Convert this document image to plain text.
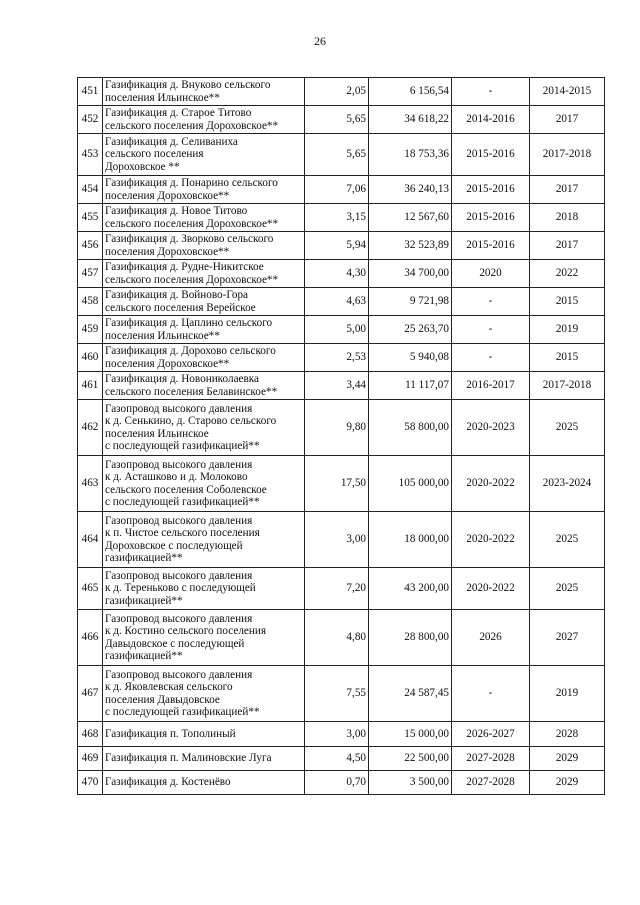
26
451	Газификация д. Внуково сельского
поселения Ильинское**	2,05	6 156,54	-	2014-2015
452	Газификация д. Старое Титово
сельского поселения Дороховское**	5,65	34 618,22	2014-2016	2017
453	Газификация д. Селиваниха
сельского поселения
Дороховское **	5,65	18 753,36	2015-2016	2017-2018
454	Газификация д. Понарино сельского
поселения Дороховское**	7,06	36 240,13	2015-2016	2017
455	Газификация д. Новое Титово
сельского поселения Дороховское**	3,15	12 567,60	2015-2016	2018
456	Газификация д. Зворково сельского
поселения Дороховское**	5,94	32 523,89	2015-2016	2017
457	Газификация д. Рудне-Никитское
сельского поселения Дороховское**	4,30	34 700,00	2020	2022
458	Газификация д. Войново-Гора
сельского поселения Верейское	4,63	9 721,98	-	2015
459	Газификация д. Цаплино сельского
поселения Ильинское**	5,00	25 263,70	-	2019
460	Газификация д. Дорохово сельского
поселения Дороховское**	2,53	5 940,08	-	2015
461	Газификация д. Новониколаевка
сельского поселения Белавинское**	3,44	11 117,07	2016-2017	2017-2018
462	Газопровод высокого давления
к д. Сенькино, д. Старово сельского
поселения Ильинское
с последующей газификацией**	9,80	58 800,00	2020-2023	2025
463	Газопровод высокого давления
к д. Асташково и д. Молоково
сельского поселения Соболевское
с последующей газификацией**	17,50	105 000,00	2020-2022	2023-2024
464	Газопровод высокого давления
к п. Чистое сельского поселения
Дороховское с последующей
газификацией**	3,00	18 000,00	2020-2022	2025
465	Газопровод высокого давления
к д. Тереньково с последующей
газификацией**	7,20	43 200,00	2020-2022	2025
466	Газопровод высокого давления
к д. Костино сельского поселения
Давыдовское с последующей
газификацией**	4,80	28 800,00	2026	2027
467	Газопровод высокого давления
к д. Яковлевская сельского
поселения Давыдовское
с последующей газификацией**	7,55	24 587,45	-	2019
468	Газификация п. Тополиный	3,00	15 000,00	2026-2027	2028
469	Газификация п. Малиновские Луга	4,50	22 500,00	2027-2028	2029
470	Газификация д. Костенёво	0,70	3 500,00	2027-2028	2029
